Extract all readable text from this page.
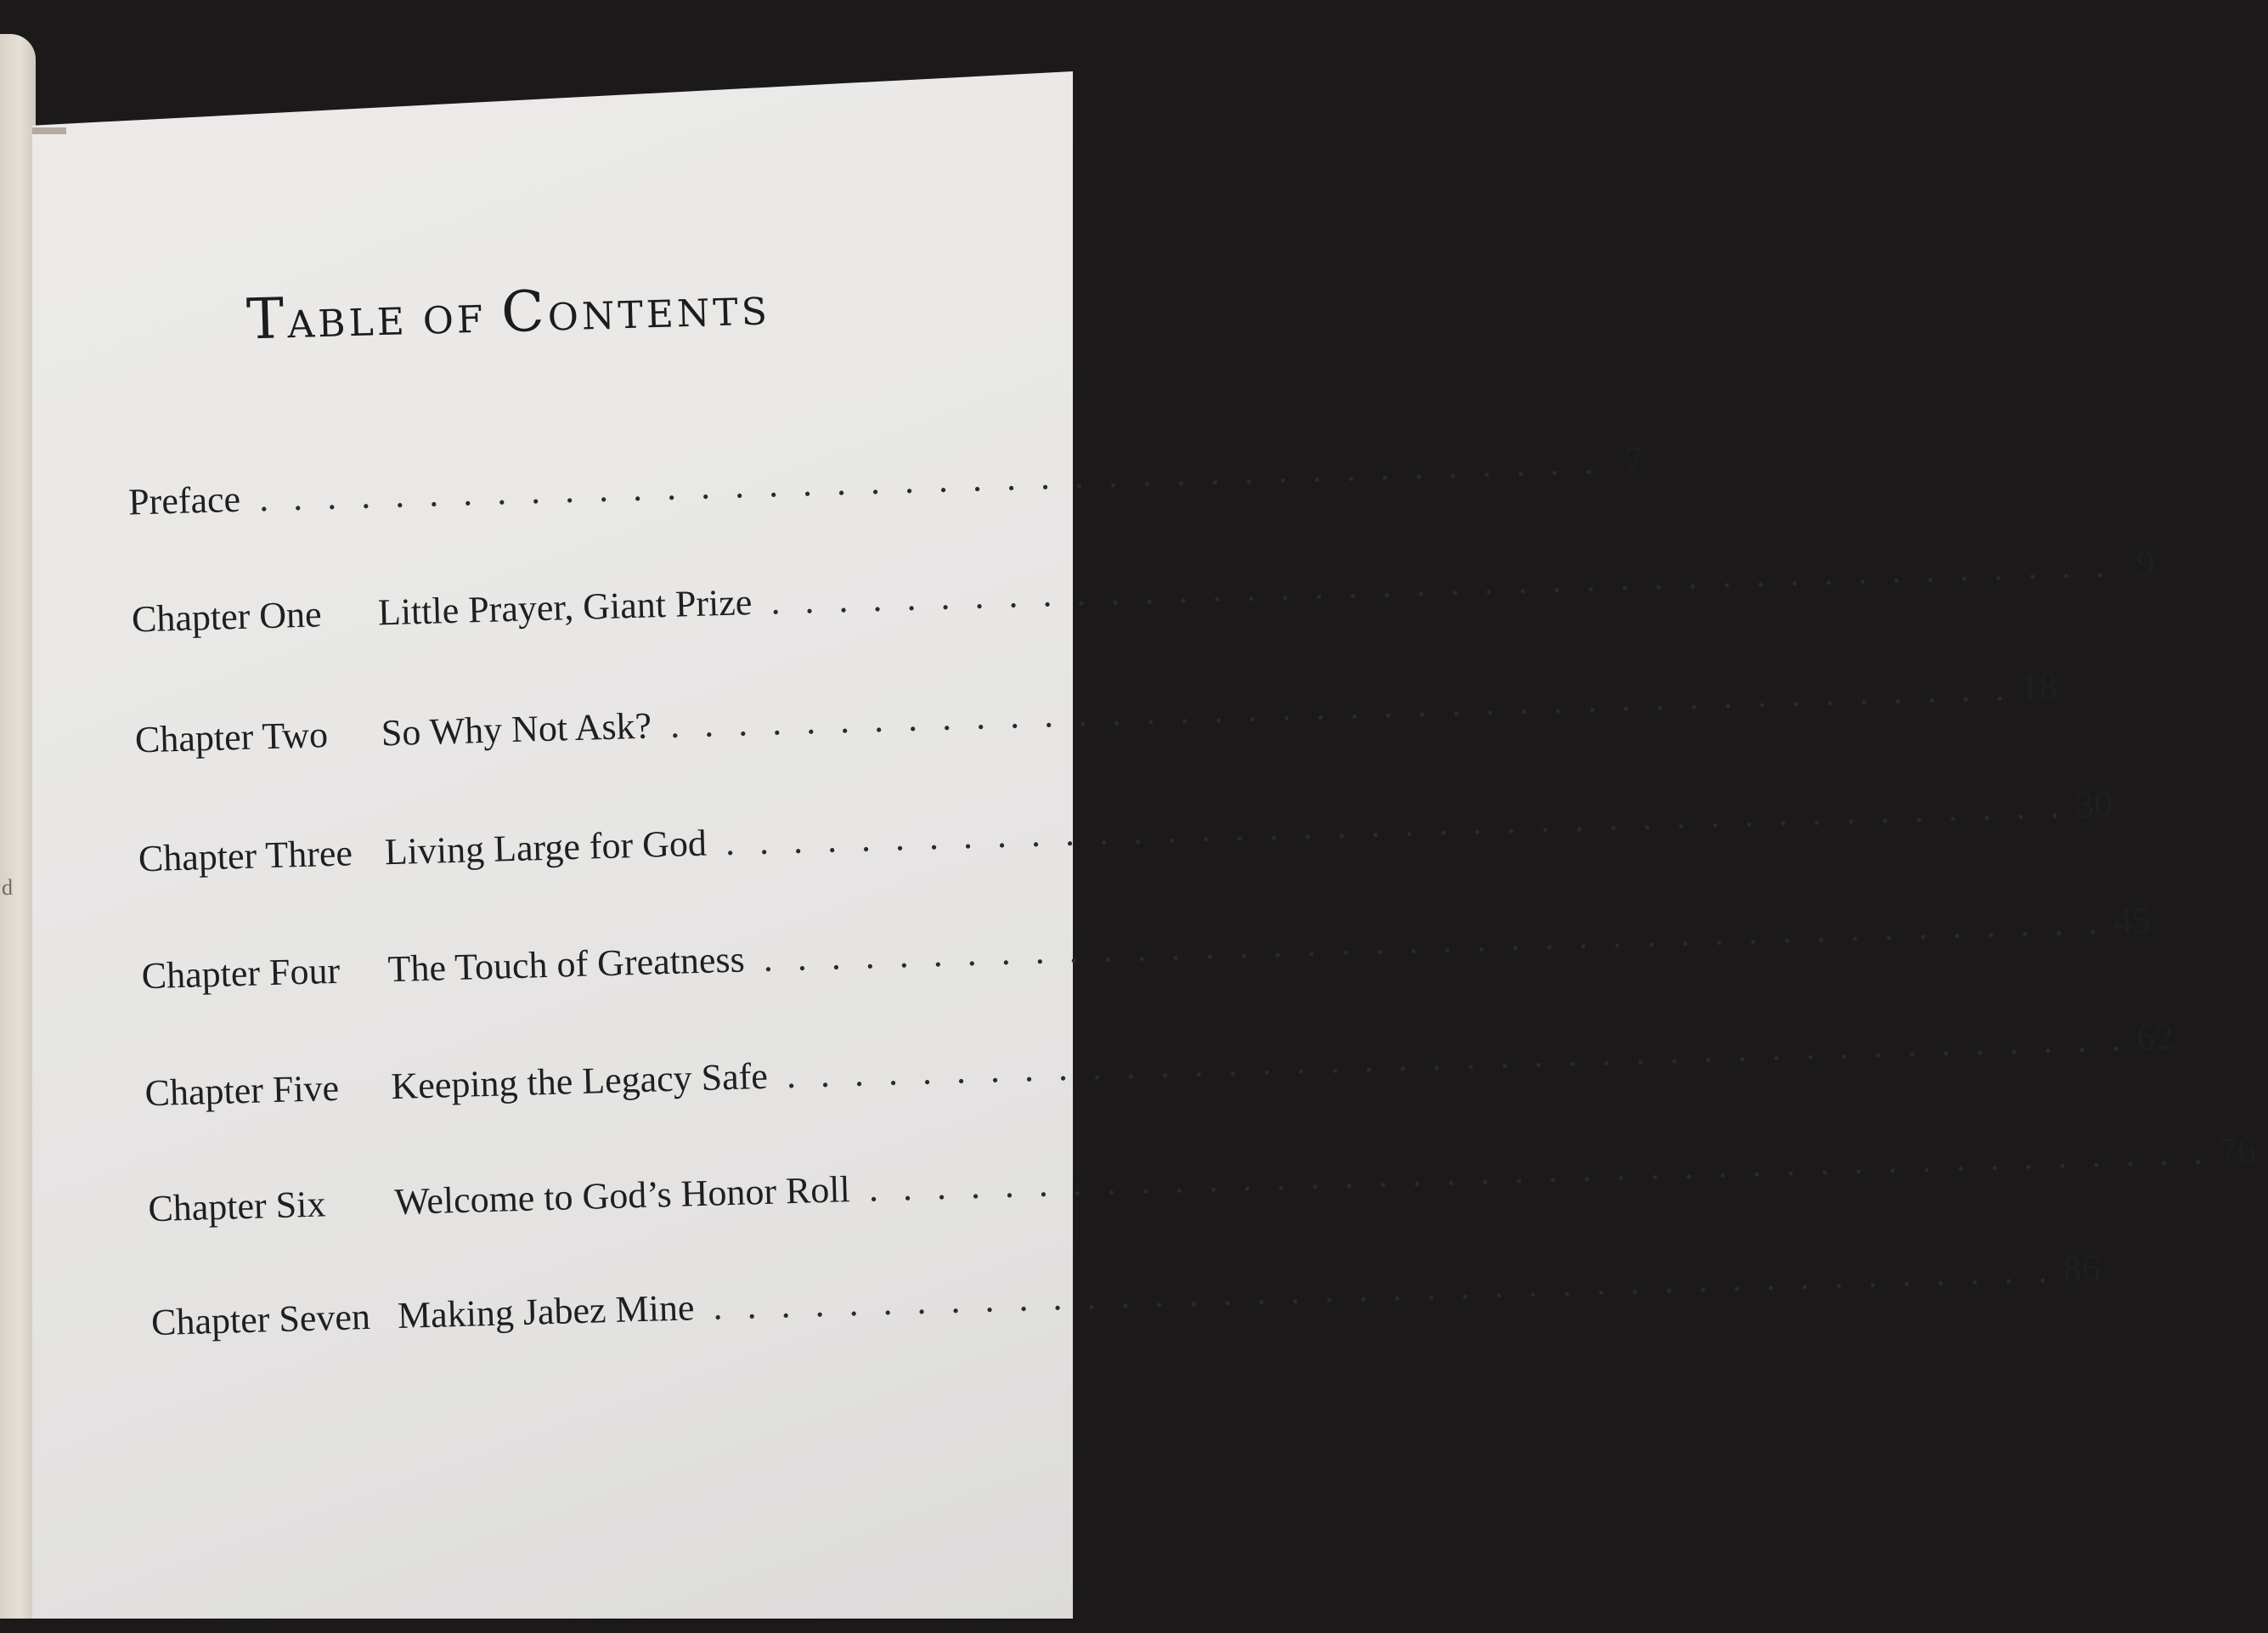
d
TABLE OF CONTENTS
Preface . . . . . . . . . . . . . . . . . . . . . . . . . . . . . . . . . . . . . . . . 7
Chapter One	Little Prayer, Giant Prize . . . . . . . . . . . . . . . . . . . . . . . . . . . . . . . . . . . . . . . . 9
Chapter Two	So Why Not Ask? . . . . . . . . . . . . . . . . . . . . . . . . . . . . . . . . . . . . . . . . 18
Chapter Three Living Large for God . . . . . . . . . . . . . . . . . . . . . . . . . . . . . . . . . . . . . . . . 30
Chapter Four	The Touch of Greatness . . . . . . . . . . . . . . . . . . . . . . . . . . . . . . . . . . . . . . . . 45
Chapter Five	Keeping the Legacy Safe . . . . . . . . . . . . . . . . . . . . . . . . . . . . . . . . . . . . . . . . 62
Chapter Six	Welcome to God’s Honor Roll . . . . . . . . . . . . . . . . . . . . . . . . . . . . . . . . . . . . . . . . 76
Chapter Seven Making Jabez Mine . . . . . . . . . . . . . . . . . . . . . . . . . . . . . . . . . . . . . . . . 86
